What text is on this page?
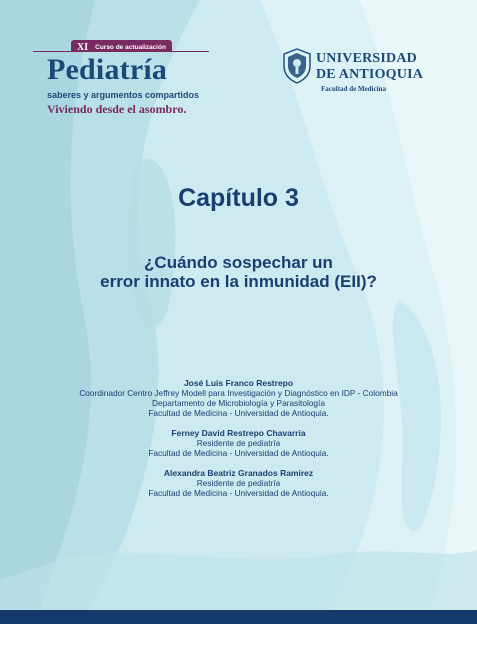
XI Curso de actualización
Pediatría
saberes y argumentos compartidos
Viviendo desde el asombro.
UNIVERSIDAD
DE ANTIOQUIA
Facultad de Medicina
Capítulo 3
¿Cuándo sospechar un
error innato en la inmunidad (EII)?
José Luis Franco Restrepo
Coordinador Centro Jeffrey Modell para Investigación y Diagnóstico en IDP - Colombia
Departamento de Microbiología y Parasitología
Facultad de Medicina - Universidad de Antioquia.
Ferney David Restrepo Chavarria
Residente de pediatría
Facultad de Medicina - Universidad de Antioquia.
Alexandra Beatriz Granados Ramirez
Residente de pediatría
Facultad de Medicina - Universidad de Antioquia.
